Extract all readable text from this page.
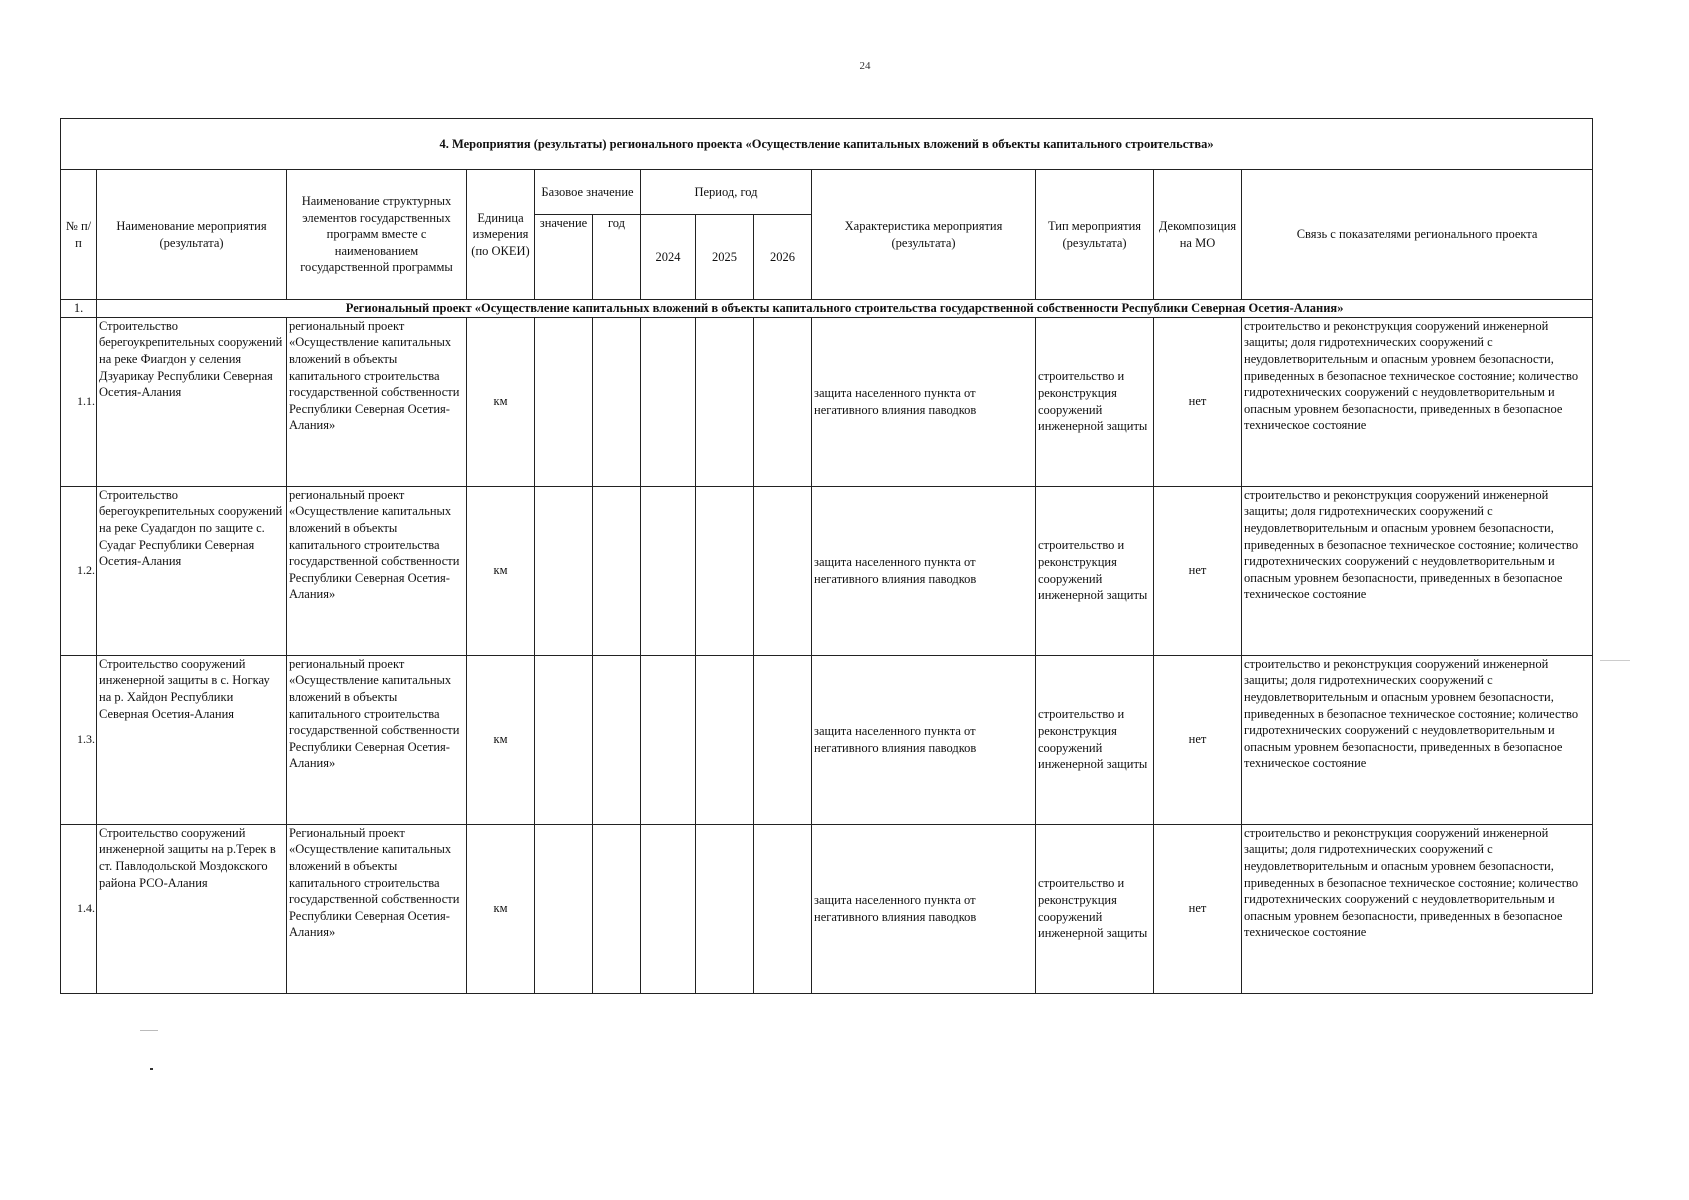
24
4. Мероприятия (результаты) регионального проекта «Осуществление капитальных вложений в объекты капитального строительства»												
№ п/п	Наименование мероприятия (результата)	Наименование структурных элементов государственных программ вместе с наименованием государственной программы	Единица измерения (по ОКЕИ)	Базовое значение		Период, год			Характеристика мероприятия (результата)	Тип мероприятия (результата)	Декомпозиция на МО	Связь с показателями регионального проекта
				значение	год	2024	2025	2026				
1.	Региональный проект «Осуществление капитальных вложений в объекты капитального строительства государственной собственности Республики Северная Осетия-Алания»											
1.1.	Строительство берегоукрепительных сооружений на реке Фиагдон у селения Дзуарикау Республики Северная Осетия-Алания	региональный проект «Осуществление капитальных вложений в объекты капитального строительства государственной собственности Республики Северная Осетия-Алания»	км						защита населенного пункта от негативного влияния паводков	строительство и реконструкция сооружений инженерной защиты	нет	строительство и реконструкция сооружений инженерной защиты; доля гидротехнических сооружений с неудовлетворительным и опасным уровнем безопасности, приведенных в безопасное техническое состояние; количество гидротехнических сооружений с неудовлетворительным и опасным уровнем безопасности, приведенных в безопасное техническое состояние
1.2.	Строительство берегоукрепительных сооружений на реке Суадагдон по защите с. Суадаг Республики Северная Осетия-Алания	региональный проект «Осуществление капитальных вложений в объекты капитального строительства государственной собственности Республики Северная Осетия-Алания»	км						защита населенного пункта от негативного влияния паводков	строительство и реконструкция сооружений инженерной защиты	нет	строительство и реконструкция сооружений инженерной защиты; доля гидротехнических сооружений с неудовлетворительным и опасным уровнем безопасности, приведенных в безопасное техническое состояние; количество гидротехнических сооружений с неудовлетворительным и опасным уровнем безопасности, приведенных в безопасное техническое состояние
1.3.	Строительство сооружений инженерной защиты в с. Ногкау на р. Хайдон Республики Северная Осетия-Алания	региональный проект «Осуществление капитальных вложений в объекты капитального строительства государственной собственности Республики Северная Осетия-Алания»	км						защита населенного пункта от негативного влияния паводков	строительство и реконструкция сооружений инженерной защиты	нет	строительство и реконструкция сооружений инженерной защиты; доля гидротехнических сооружений с неудовлетворительным и опасным уровнем безопасности, приведенных в безопасное техническое состояние; количество гидротехнических сооружений с неудовлетворительным и опасным уровнем безопасности, приведенных в безопасное техническое состояние
1.4.	Строительство сооружений инженерной защиты на р.Терек в ст. Павлодольской Моздокского района РСО-Алания	Региональный проект «Осуществление капитальных вложений в объекты капитального строительства государственной собственности Республики Северная Осетия-Алания»	км						защита населенного пункта от негативного влияния паводков	строительство и реконструкция сооружений инженерной защиты	нет	строительство и реконструкция сооружений инженерной защиты; доля гидротехнических сооружений с неудовлетворительным и опасным уровнем безопасности, приведенных в безопасное техническое состояние; количество гидротехнических сооружений с неудовлетворительным и опасным уровнем безопасности, приведенных в безопасное техническое состояние
